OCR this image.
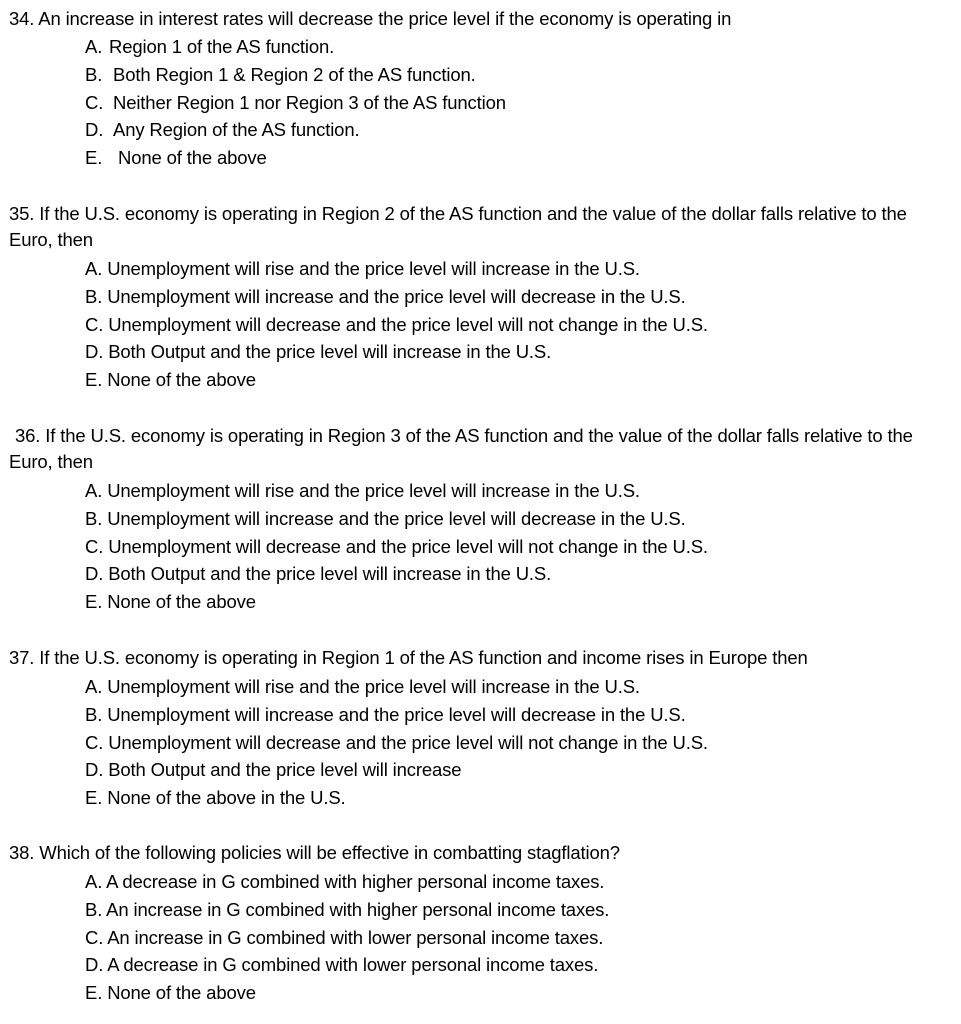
34. An increase in interest rates will decrease the price level if the economy is operating in

A. Region 1 of the AS function.
B. Both Region 1 & Region 2 of the AS function.
C. Neither Region 1 nor Region 3 of the AS function
D. Any Region of the AS function.
E. None of the above

35. If the U.S. economy is operating in Region 2 of the AS function and the value of the dollar falls relative to the Euro, then

A. Unemployment will rise and the price level will increase in the U.S.
B. Unemployment will increase and the price level will decrease in the U.S.
C. Unemployment will decrease and the price level will not change in the U.S.
D. Both Output and the price level will increase in the U.S.
E. None of the above

36. If the U.S. economy is operating in Region 3 of the AS function and the value of the dollar falls relative to the Euro, then

A. Unemployment will rise and the price level will increase in the U.S.
B. Unemployment will increase and the price level will decrease in the U.S.
C. Unemployment will decrease and the price level will not change in the U.S.
D. Both Output and the price level will increase in the U.S.
E. None of the above

37. If the U.S. economy is operating in Region 1 of the AS function and income rises in Europe then

A. Unemployment will rise and the price level will increase in the U.S.
B. Unemployment will increase and the price level will decrease in the U.S.
C. Unemployment will decrease and the price level will not change in the U.S.
D. Both Output and the price level will increase
E. None of the above in the U.S.

38. Which of the following policies will be effective in combatting stagflation?

A. A decrease in G combined with higher personal income taxes.
B. An increase in G combined with higher personal income taxes.
C. An increase in G combined with lower personal income taxes.
D. A decrease in G combined with lower personal income taxes.
E. None of the above
